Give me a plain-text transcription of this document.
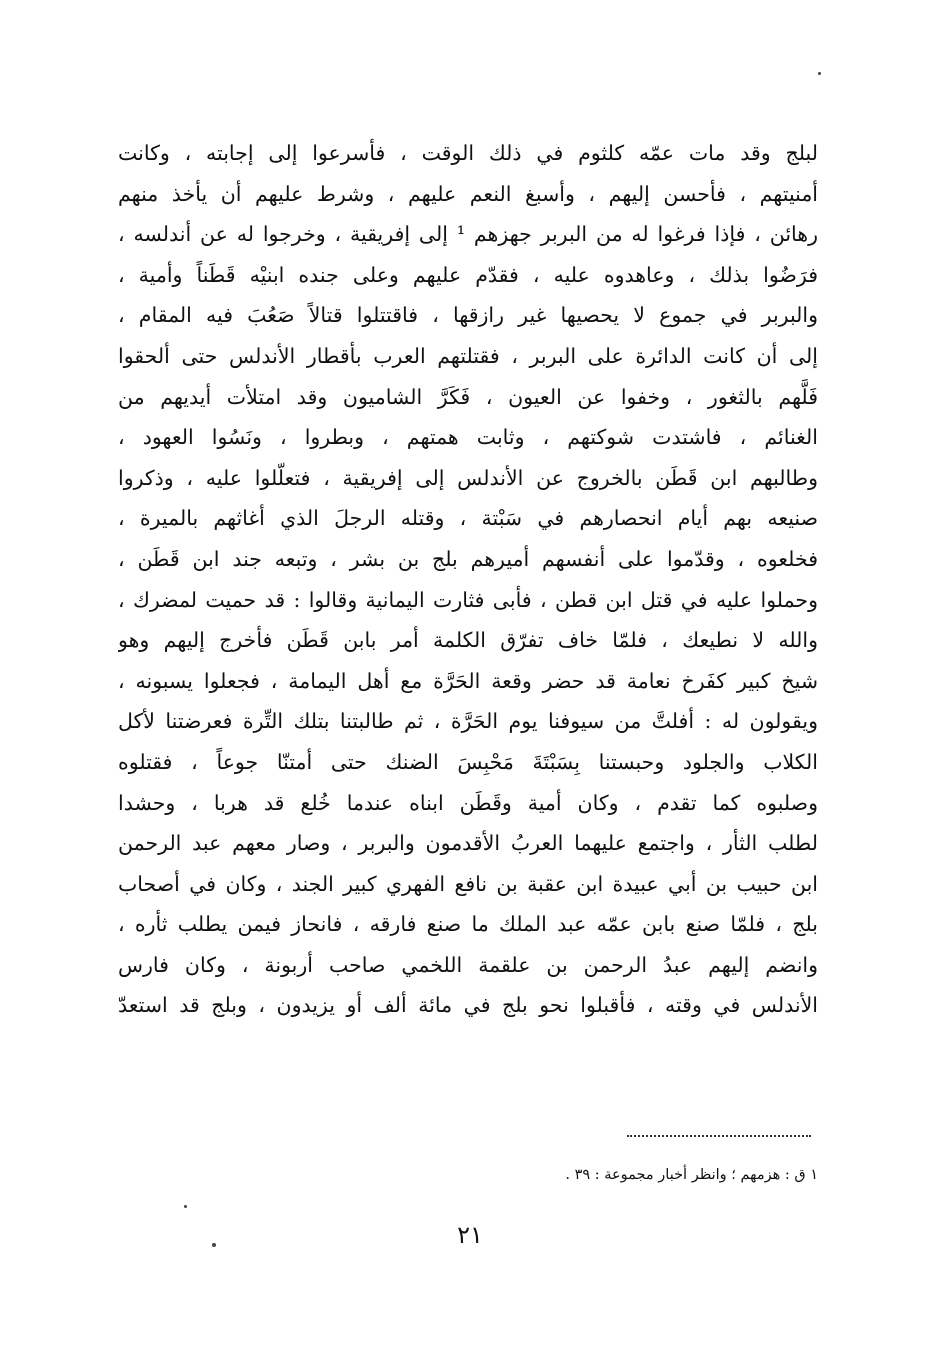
لبلج وقد مات عمّه كلثوم في ذلك الوقت ، فأسرعوا إلى إجابته ، وكانت
أمنيتهم ، فأحسن إليهم ، وأسبغ النعم عليهم ، وشرط عليهم أن يأخذ منهم
رهائن ، فإذا فرغوا له من البربر جهزهم ¹ إلى إفريقية ، وخرجوا له عن أندلسه ،
فرَضُوا بذلك ، وعاهدوه عليه ، فقدّم عليهم وعلى جنده ابنيْه قَطَناً وأمية ،
والبربر في جموع لا يحصيها غير رازقها ، فاقتتلوا قتالاً صَعُبَ فيه المقام ،
إلى أن كانت الدائرة على البربر ، فقتلتهم العرب بأقطار الأندلس حتى ألحقوا
فَلَّهم بالثغور ، وخفوا عن العيون ، فَكَرَّ الشاميون وقد امتلأت أيديهم من
الغنائم ، فاشتدت شوكتهم ، وثابت همتهم ، وبطروا ، ونَسُوا العهود ،
وطالبهم ابن قَطَن بالخروج عن الأندلس إلى إفريقية ، فتعلّلوا عليه ، وذكروا
صنيعه بهم أيام انحصارهم في سَبْتة ، وقتله الرجلَ الذي أغاثهم بالميرة ،
فخلعوه ، وقدّموا على أنفسهم أميرهم بلج بن بشر ، وتبعه جند ابن قَطَن ،
وحملوا عليه في قتل ابن قطن ، فأبى فثارت اليمانية وقالوا : قد حميت لمضرك ،
والله لا نطيعك ، فلمّا خاف تفرّق الكلمة أمر بابن قَطَن فأخرج إليهم وهو
شيخ كبير كفَرخ نعامة قد حضر وقعة الحَرَّة مع أهل اليمامة ، فجعلوا يسبونه ،
ويقولون له : أفلتَّ من سيوفنا يوم الحَرَّة ، ثم طالبتنا بتلك التِّرة فعرضتنا لأكل
الكلاب والجلود وحبستنا بِسَبْتَةَ مَحْبِسَ الضنك حتى أمتنّا جوعاً ، فقتلوه
وصلبوه كما تقدم ، وكان أمية وقَطَن ابناه عندما خُلع قد هربا ، وحشدا
لطلب الثأر ، واجتمع عليهما العربُ الأقدمون والبربر ، وصار معهم عبد الرحمن
ابن حبيب بن أبي عبيدة ابن عقبة بن نافع الفهري كبير الجند ، وكان في أصحاب
بلج ، فلمّا صنع بابن عمّه عبد الملك ما صنع فارقه ، فانحاز فيمن يطلب ثأره ،
وانضم إليهم عبدُ الرحمن بن علقمة اللخمي صاحب أربونة ، وكان فارس
الأندلس في وقته ، فأقبلوا نحو بلج في مائة ألف أو يزيدون ، وبلج قد استعدّ
١ ق : هزمهم ؛ وانظر أخبار مجموعة : ٣٩ .
٢١
